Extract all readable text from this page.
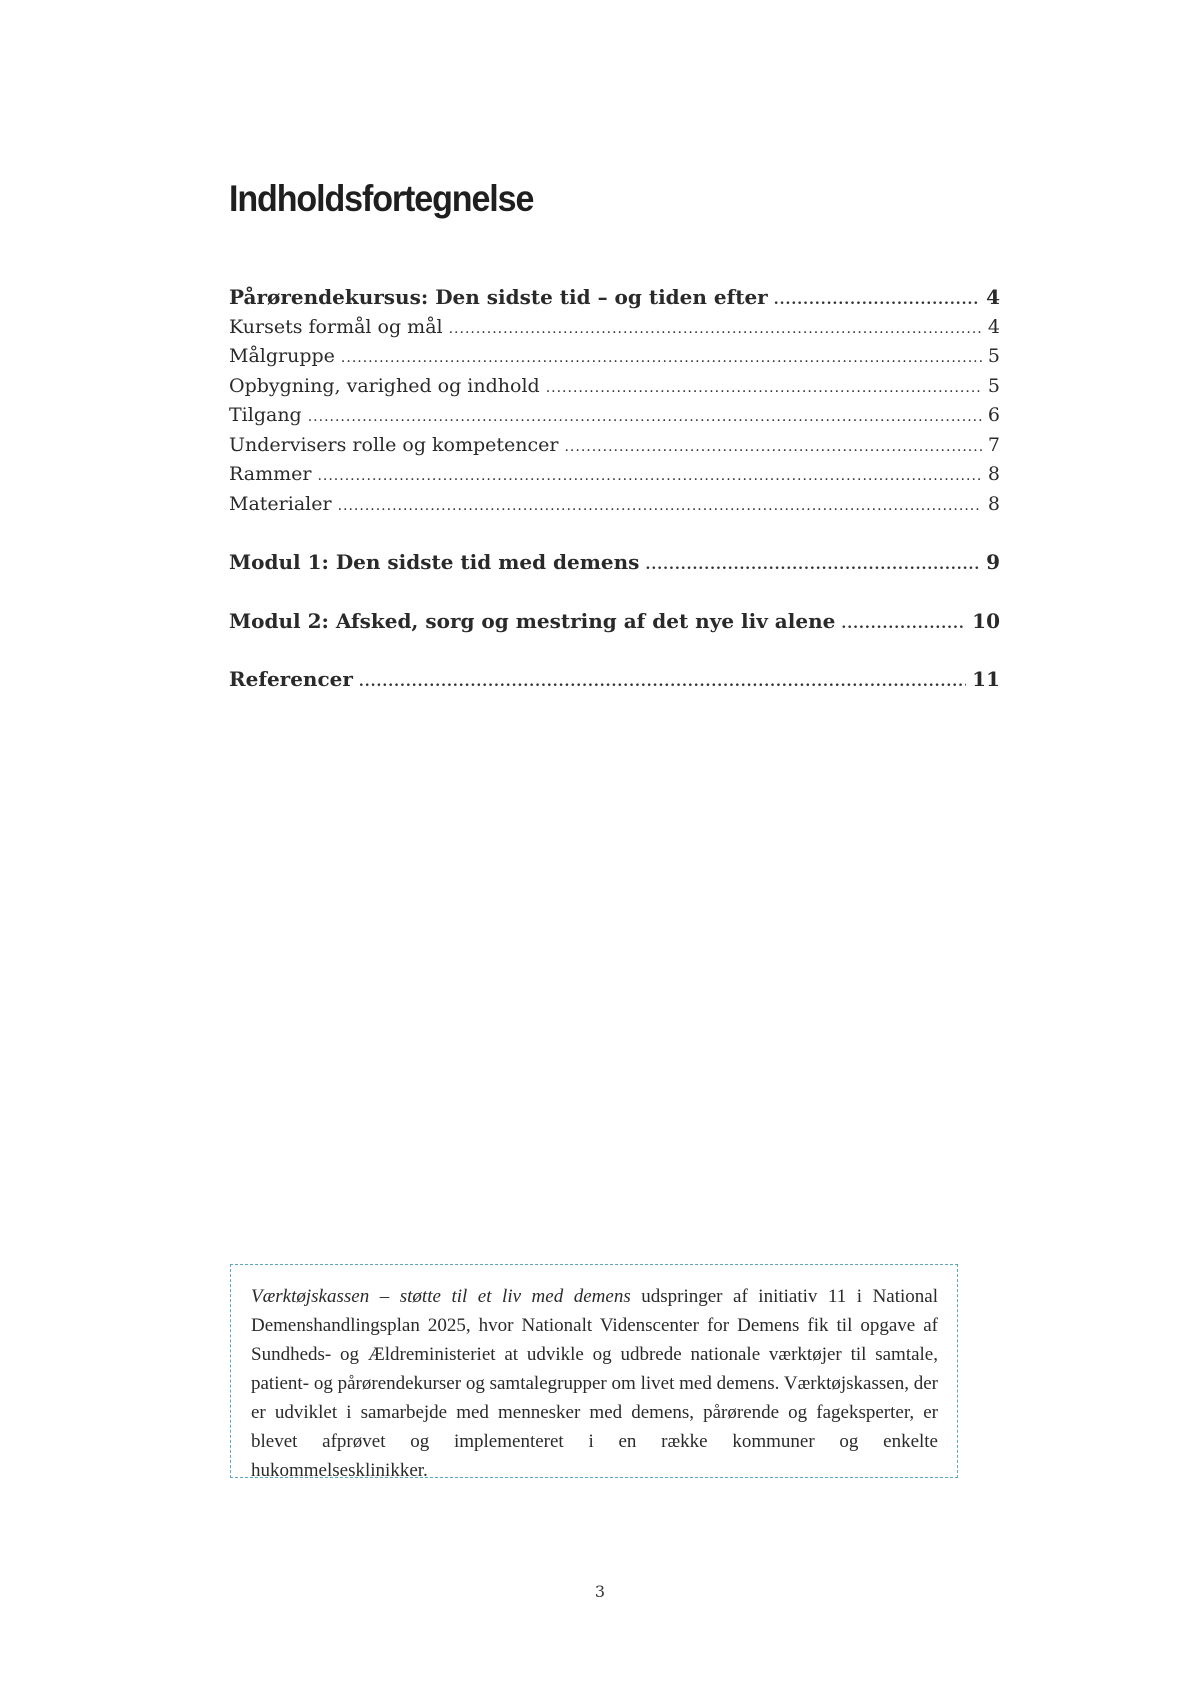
Indholdsfortegnelse
Pårørendekursus: Den sidste tid – og tiden efter .....	4
Kursets formål og mål .....	4
Målgruppe .....	5
Opbygning, varighed og indhold .....	5
Tilgang .....	6
Undervisers rolle og kompetencer .....	7
Rammer .....	8
Materialer .....	8
Modul 1: Den sidste tid med demens .....	9
Modul 2: Afsked, sorg og mestring af det nye liv alene .....	10
Referencer .....	11
Værktøjskassen – støtte til et liv med demens udspringer af initiativ 11 i National Demenshandlingsplan 2025, hvor Nationalt Videnscenter for Demens fik til opgave af Sundheds- og Ældreministeriet at udvikle og udbrede nationale værktøjer til samtale, patient- og pårørendekurser og samtalegrupper om livet med demens. Værktøjskassen, der er udviklet i samarbejde med mennesker med demens, pårørende og fageksperter, er blevet afprøvet og implementeret i en række kommuner og enkelte hukommelsesklinikker.
3
